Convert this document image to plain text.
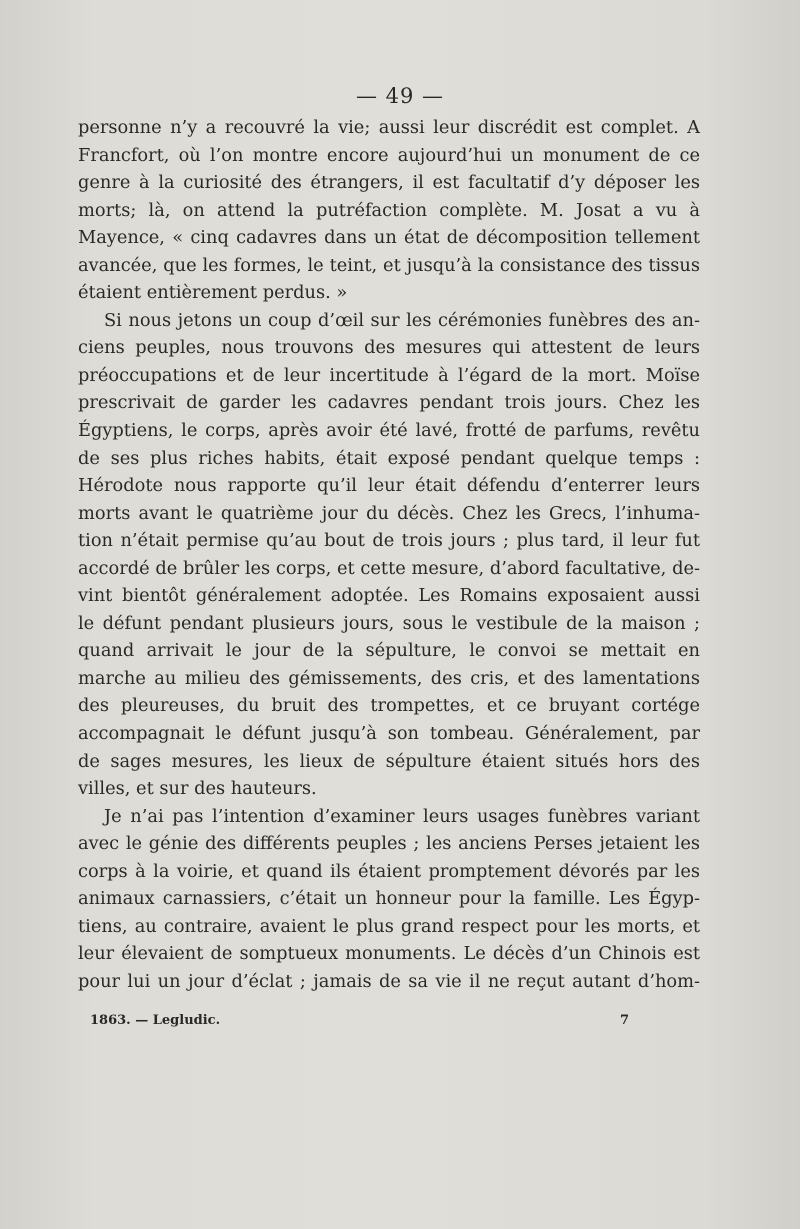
— 49 —
personne n’y a recouvré la vie; aussi leur discrédit est complet. A
Francfort, où l’on montre encore aujourd’hui un monument de ce
genre à la curiosité des étrangers, il est facultatif d’y déposer les
morts; là, on attend la putréfaction complète. M. Josat a vu à
Mayence, « cinq cadavres dans un état de décomposition tellement
avancée, que les formes, le teint, et jusqu’à la consistance des tissus
étaient entièrement perdus. »
Si nous jetons un coup d’œil sur les cérémonies funèbres des an-
ciens peuples, nous trouvons des mesures qui attestent de leurs
préoccupations et de leur incertitude à l’égard de la mort. Moïse
prescrivait de garder les cadavres pendant trois jours. Chez les
Égyptiens, le corps, après avoir été lavé, frotté de parfums, revêtu
de ses plus riches habits, était exposé pendant quelque temps :
Hérodote nous rapporte qu’il leur était défendu d’enterrer leurs
morts avant le quatrième jour du décès. Chez les Grecs, l’inhuma-
tion n’était permise qu’au bout de trois jours ; plus tard, il leur fut
accordé de brûler les corps, et cette mesure, d’abord facultative, de-
vint bientôt généralement adoptée. Les Romains exposaient aussi
le défunt pendant plusieurs jours, sous le vestibule de la maison ;
quand arrivait le jour de la sépulture, le convoi se mettait en
marche au milieu des gémissements, des cris, et des lamentations
des pleureuses, du bruit des trompettes, et ce bruyant cortége
accompagnait le défunt jusqu’à son tombeau. Généralement, par
de sages mesures, les lieux de sépulture étaient situés hors des
villes, et sur des hauteurs.
Je n’ai pas l’intention d’examiner leurs usages funèbres variant
avec le génie des différents peuples ; les anciens Perses jetaient les
corps à la voirie, et quand ils étaient promptement dévorés par les
animaux carnassiers, c’était un honneur pour la famille. Les Égyp-
tiens, au contraire, avaient le plus grand respect pour les morts, et
leur élevaient de somptueux monuments. Le décès d’un Chinois est
pour lui un jour d’éclat ; jamais de sa vie il ne reçut autant d’hom-
1863. — Legludic.	7
